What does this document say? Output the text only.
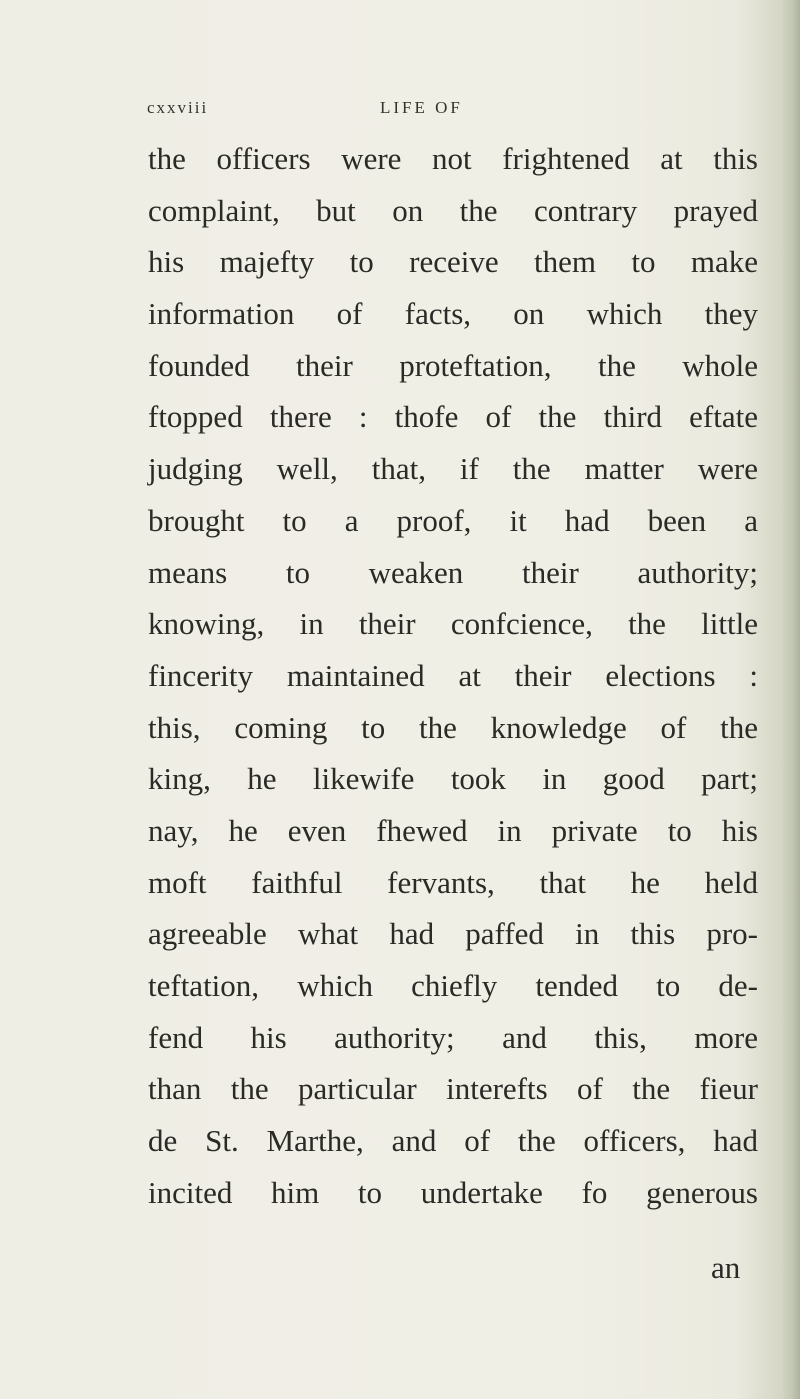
cxxviii	LIFE OF
the officers were not frightened at this
complaint, but on the contrary prayed
his majefty to receive them to make
information of facts, on which they
founded their proteftation, the whole
ftopped there : thofe of the third eftate
judging well, that, if the matter were
brought to a proof, it had been a
means to weaken their authority;
knowing, in their confcience, the little
fincerity maintained at their elections :
this, coming to the knowledge of the
king, he likewife took in good part;
nay, he even fhewed in private to his
moft faithful fervants, that he held
agreeable what had paffed in this pro-
teftation, which chiefly tended to de-
fend his authority; and this, more
than the particular interefts of the fieur
de St. Marthe, and of the officers, had
incited him to undertake fo generous
an
